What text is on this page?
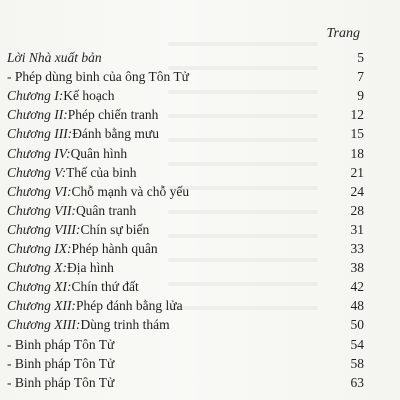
Trang
Lời Nhà xuất bản	5
- Phép dùng binh của ông Tôn Tử	7
Chương I: Kế hoạch	9
Chương II: Phép chiến tranh	12
Chương III: Đánh bằng mưu	15
Chương IV: Quân hình	18
Chương V: Thế của binh	21
Chương VI: Chỗ mạnh và chỗ yếu	24
Chương VII: Quân tranh	28
Chương VIII: Chín sự biến	31
Chương IX: Phép hành quân	33
Chương X: Địa hình	38
Chương XI: Chín thứ đất	42
Chương XII: Phép đánh bằng lửa	48
Chương XIII: Dùng trinh thám	50
- Binh pháp Tôn Tử	54
- Binh pháp Tôn Tử	58
- Binh pháp Tôn Tử	63
